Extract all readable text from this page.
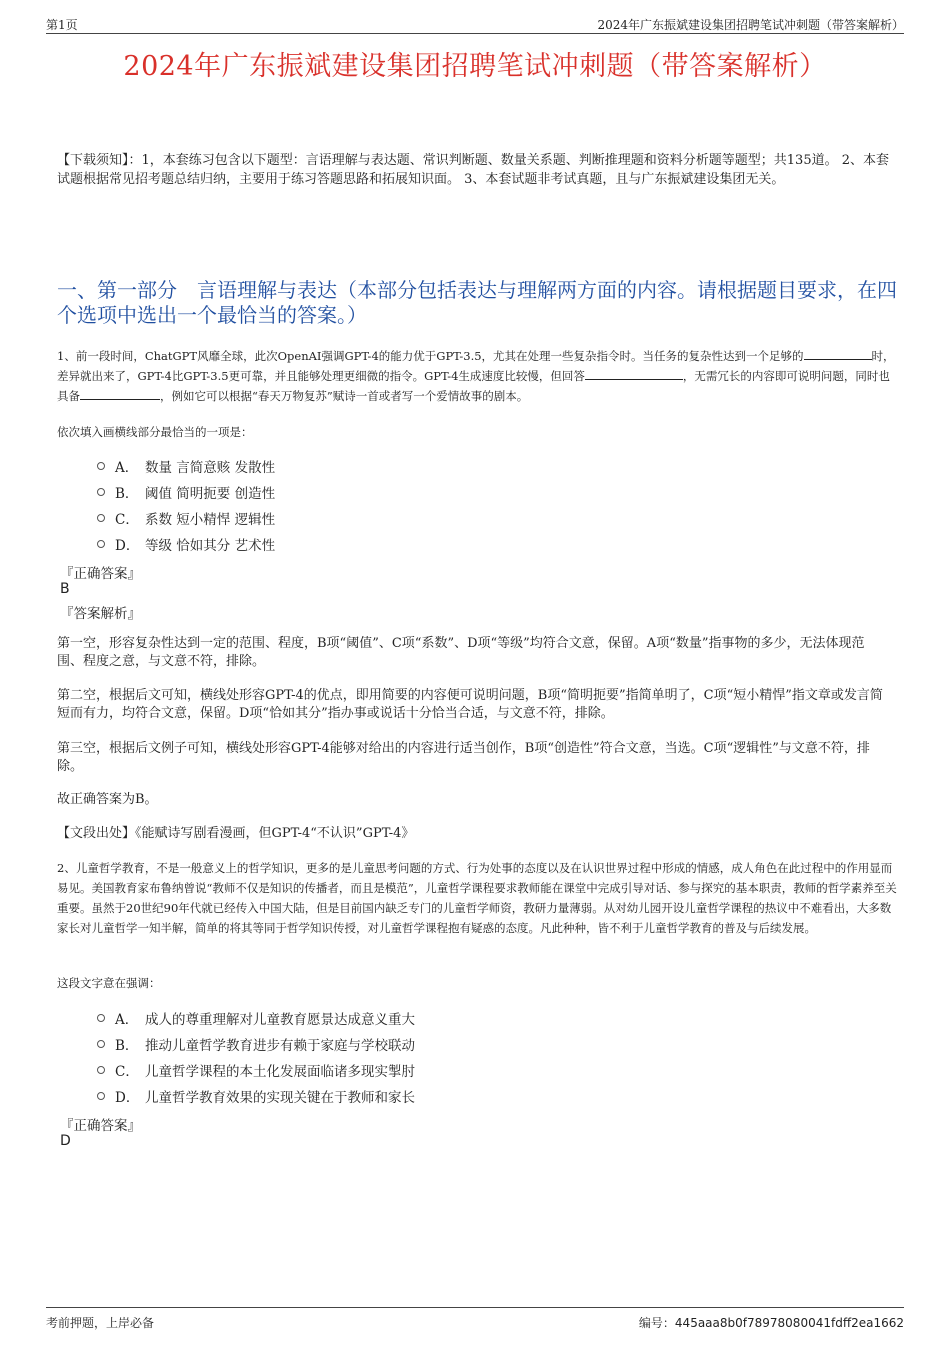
第1页	2024年广东振斌建设集团招聘笔试冲刺题（带答案解析）
2024年广东振斌建设集团招聘笔试冲刺题（带答案解析）
【下载须知】：1，本套练习包含以下题型：言语理解与表达题、常识判断题、数量关系题、判断推理题和资料分析题等题型；共135道。 2、本套试题根据常见招考题总结归纳，主要用于练习答题思路和拓展知识面。 3、本套试题非考试真题，且与广东振斌建设集团无关。
一、第一部分　言语理解与表达（本部分包括表达与理解两方面的内容。请根据题目要求，在四个选项中选出一个最恰当的答案。）
1、前一段时间，ChatGPT风靡全球，此次OpenAI强调GPT-4的能力优于GPT-3.5，尤其在处理一些复杂指令时。当任务的复杂性达到一个足够的	时，差异就出来了，GPT-4比GPT-3.5更可靠，并且能够处理更细微的指令。GPT-4生成速度比较慢，但回答	，无需冗长的内容即可说明问题，同时也具备	，例如它可以根据“春天万物复苏”赋诗一首或者写一个爱情故事的剧本。
依次填入画横线部分最恰当的一项是：
A． 数量 言简意赅 发散性
B． 阈值 简明扼要 创造性
C． 系数 短小精悍 逻辑性
D． 等级 恰如其分 艺术性
『正确答案』
B
『答案解析』
第一空，形容复杂性达到一定的范围、程度，B项“阈值”、C项“系数”、D项“等级”均符合文意，保留。A项“数量”指事物的多少，无法体现范围、程度之意，与文意不符，排除。
第二空，根据后文可知，横线处形容GPT-4的优点，即用简要的内容便可说明问题，B项“简明扼要”指简单明了，C项“短小精悍”指文章或发言简短而有力，均符合文意，保留。D项“恰如其分”指办事或说话十分恰当合适，与文意不符，排除。
第三空，根据后文例子可知，横线处形容GPT-4能够对给出的内容进行适当创作，B项“创造性”符合文意，当选。C项“逻辑性”与文意不符，排除。
故正确答案为B。
【文段出处】《能赋诗写剧看漫画，但GPT-4“不认识”GPT-4》
2、儿童哲学教育，不是一般意义上的哲学知识，更多的是儿童思考问题的方式、行为处事的态度以及在认识世界过程中形成的情感，成人角色在此过程中的作用显而易见。美国教育家布鲁纳曾说“教师不仅是知识的传播者，而且是模范”，儿童哲学课程要求教师能在课堂中完成引导对话、参与探究的基本职责，教师的哲学素养至关重要。虽然于20世纪90年代就已经传入中国大陆，但是目前国内缺乏专门的儿童哲学师资，教研力量薄弱。从对幼儿园开设儿童哲学课程的热议中不难看出，大多数家长对儿童哲学一知半解，简单的将其等同于哲学知识传授，对儿童哲学课程抱有疑惑的态度。凡此种种，皆不利于儿童哲学教育的普及与后续发展。
这段文字意在强调：
A． 成人的尊重理解对儿童教育愿景达成意义重大
B． 推动儿童哲学教育进步有赖于家庭与学校联动
C． 儿童哲学课程的本土化发展面临诸多现实掣肘
D． 儿童哲学教育效果的实现关键在于教师和家长
『正确答案』
D
考前押题，上岸必备	编号：445aaa8b0f78978080041fdff2ea1662
